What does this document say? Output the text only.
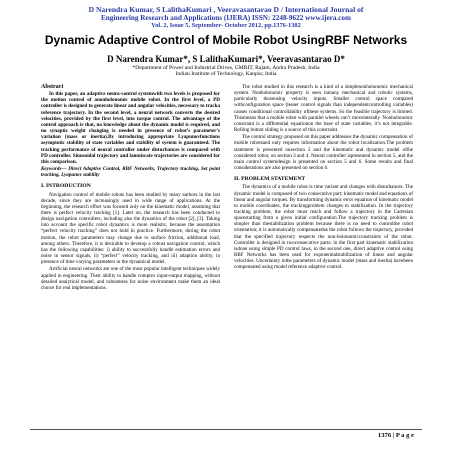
D Narendra Kumar, S LalithaKumari , Veeravasantarao D / International Journal of
Engineering Research and Applications (IJERA) ISSN: 2248-9622 www.ijera.com
Vol. 2, Issue 5, September- October 2012, pp.1376-1382
Dynamic Adaptive Control of Mobile Robot UsingRBF Networks
D Narendra Kumar*, S LalithaKumari*, Veeravasantarao D*
*Department of Power and Industrial Drives, GMRIT, Rajam, Andra Pradesh, India
Indian Institute of Technology, Kanpur, India
Abstract

In this paper, an adaptive neuro-control systemwith two levels is proposed for the motion control of anonholonomic mobile robot. In the first level, a PD controller is designed to generate linear and angular velocities, necessary to tracka reference trajectory. In the second level, a neural network converts the desired velocities, provided by the first level, into torque control. The advantage of the control approach is that, no knowledge about the dynamic model is required, and no synaptic weight changing is needed in presence of robot’s parameter’s variation (mass or inertia).By introducing appropriate Lyapunovfunctions asymptotic stability of state variables and stability of system is guaranteed. The tracking performance of neural controller under disturbances is compared with PD controller. Sinusoidal trajectory and lamniscate trajectories are considered for this comparison.

Keywords— Direct Adaptive Control, RBF Networks, Trajectory tracking, Set point tracking, Lyapunov stability

I. INTRODUCTION

Navigation control of mobile robots has been studied by many authors in the last decade, since they are increasingly used in wide range of applications. At the beginning, the research effort was focused only on the kinematic model, assuming that there is perfect velocity tracking [1]. Later on, the research has been conducted to design navigation controllers, including also the dynamics of the robot [2], [3]. Taking into account the specific robot dynamics is more realistic, because the assumption “perfect velocity tracking” does not hold in practice. Furthermore, during the robot motion, the robot parameters may change due to surface friction, additional load, among others. Therefore, it is desirable to develop a robust navigation control, which has the following capabilities: i) ability to successfully handle estimation errors and noise in sensor signals, ii) “perfect” velocity tracking, and iii) adaption ability, in presence of time varying parameters in the dynamical model.

Artificial neural networks are one of the most popular intelligent techniques widely applied in engineering. Their ability to handle complex input-output mapping, without detailed analytical model, and robustness for noise environment make them an ideal choice for real implementations.

The robot studied in this research is a kind of a simplenonholonomic mechanical system. Nonholonomic property is seen inmany mechanical and robotic systems, particularly thoseusing velocity inputs. Smaller control space compared withconfiguration space (lesser control signals than independentcontrolling variables) causes conditional controllability ofthese systems. So the feasible trajectory is limited. Thismeans that a mobile robot with parallel wheels can’t movelaterally. Nonholonomic constraint is a differential equationon the base of state variables, it’s not integrable. Rolling butnot sliding is a source of this constraint.

The control strategy proposed on this paper addresses the dynamic compensation of mobile robotsand only requires information about the robot localization.The problem statement is presented onsection 2 and the kinematic and dynamic model ofthe considered robot, on section 3 and 4. Neural controller ispresented in section 5, and the main control systemdesign is presented on section 5 and 6. Some results and final considerations are also presented on section 6.

II. PROBLEM STATEMENT

The dynamics of a mobile robot is time variant and changes with disturbances. The dynamic model is composed of two consecutive part; kinematic model and equations of linear and angular torques. By transforming dynamic error equation of kinematic model to mobile coordinates, the trackingproblem changes to stabilization. In the trajectory tracking problem, the robot must reach and follow a trajectory in the Cartesian spacestarting from a given initial configuration.The trajectory tracking problem is simpler than thestabilization problem because there is no need to controlthe robot orientation; it is automatically compensatedas the robot follows the trajectory, provided that the specified trajectory respects the non-holonomicconstraints of the robot. Controller is designed in twoconsecutive parts: in the first part kinematic stabilization isdone using simple PD control laws, in the second one, direct adaptive control using RBF Networks has been used for exponentialstabilization of linear and angular velocities. Uncertainty inthe parameters of dynamic model (mass and inertia) havebeen compensated using model reference adaptive control.

1376 | P a g e
